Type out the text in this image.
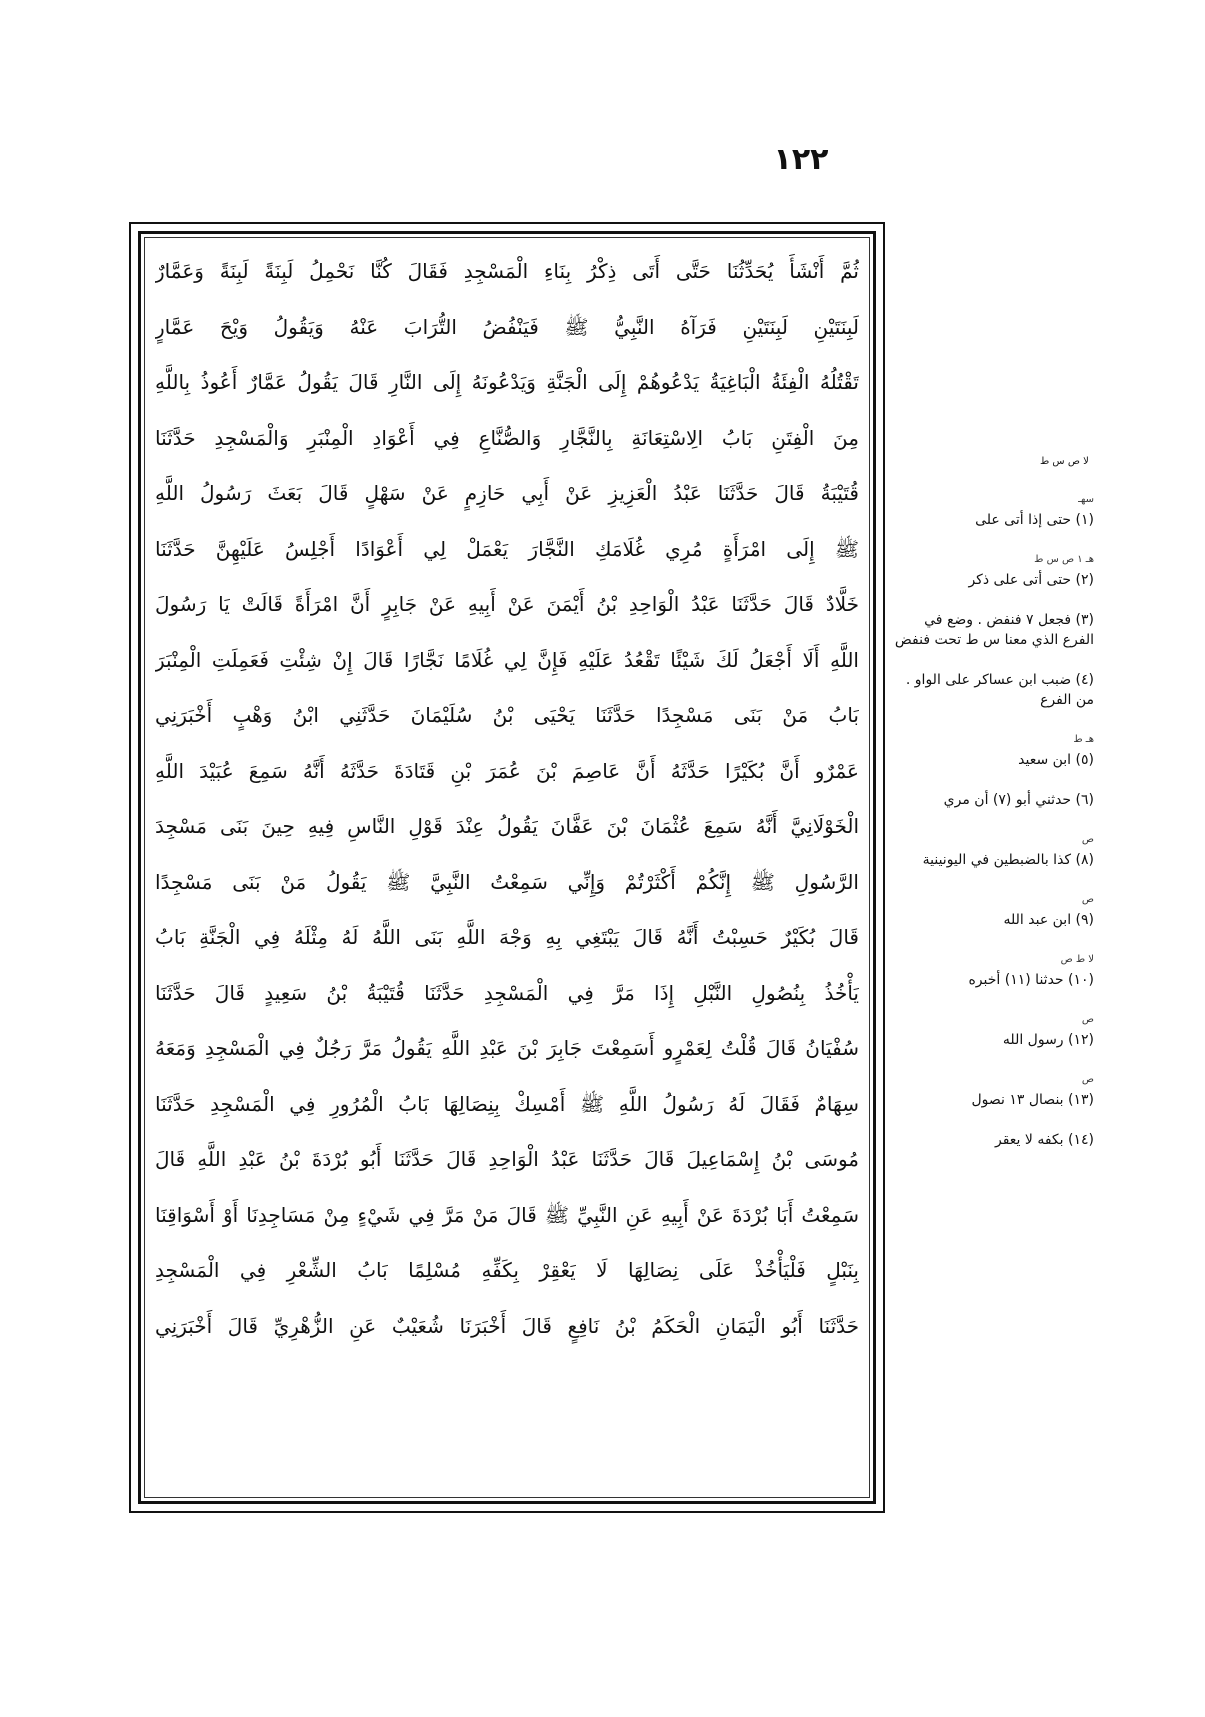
١٢٢
ثُمَّ أَنْشَأَ يُحَدِّثُنَا حَتَّى أَتَى ذِكْرُ بِنَاءِ الْمَسْجِدِ فَقَالَ كُنَّا نَحْمِلُ لَبِنَةً لَبِنَةً وَعَمَّارٌ
لَبِنَتَيْنِ لَبِنَتَيْنِ فَرَآهُ النَّبِيُّ ﷺ فَيَنْفُضُ التُّرَابَ عَنْهُ وَيَقُولُ وَيْحَ عَمَّارٍ
تَقْتُلُهُ الْفِئَةُ الْبَاغِيَةُ يَدْعُوهُمْ إِلَى الْجَنَّةِ وَيَدْعُونَهُ إِلَى النَّارِ قَالَ يَقُولُ عَمَّارٌ أَعُوذُ بِاللَّهِ
مِنَ الْفِتَنِ بَابُ الِاسْتِعَانَةِ بِالنَّجَّارِ وَالصُّنَّاعِ فِي أَعْوَادِ الْمِنْبَرِ وَالْمَسْجِدِ حَدَّثَنَا
قُتَيْبَةُ قَالَ حَدَّثَنَا عَبْدُ الْعَزِيزِ عَنْ أَبِي حَازِمٍ عَنْ سَهْلٍ قَالَ بَعَثَ رَسُولُ اللَّهِ
ﷺ إِلَى امْرَأَةٍ مُرِي غُلَامَكِ النَّجَّارَ يَعْمَلْ لِي أَعْوَادًا أَجْلِسُ عَلَيْهِنَّ حَدَّثَنَا
خَلَّادٌ قَالَ حَدَّثَنَا عَبْدُ الْوَاحِدِ بْنُ أَيْمَنَ عَنْ أَبِيهِ عَنْ جَابِرٍ أَنَّ امْرَأَةً قَالَتْ يَا رَسُولَ
اللَّهِ أَلَا أَجْعَلُ لَكَ شَيْئًا تَقْعُدُ عَلَيْهِ فَإِنَّ لِي غُلَامًا نَجَّارًا قَالَ إِنْ شِئْتِ فَعَمِلَتِ الْمِنْبَرَ
بَابُ مَنْ بَنَى مَسْجِدًا حَدَّثَنَا يَحْيَى بْنُ سُلَيْمَانَ حَدَّثَنِي ابْنُ وَهْبٍ أَخْبَرَنِي
عَمْرٌو أَنَّ بُكَيْرًا حَدَّثَهُ أَنَّ عَاصِمَ بْنَ عُمَرَ بْنِ قَتَادَةَ حَدَّثَهُ أَنَّهُ سَمِعَ عُبَيْدَ اللَّهِ
الْخَوْلَانِيَّ أَنَّهُ سَمِعَ عُثْمَانَ بْنَ عَفَّانَ يَقُولُ عِنْدَ قَوْلِ النَّاسِ فِيهِ حِينَ بَنَى مَسْجِدَ
الرَّسُولِ ﷺ إِنَّكُمْ أَكْثَرْتُمْ وَإِنِّي سَمِعْتُ النَّبِيَّ ﷺ يَقُولُ مَنْ بَنَى مَسْجِدًا
قَالَ بُكَيْرٌ حَسِبْتُ أَنَّهُ قَالَ يَبْتَغِي بِهِ وَجْهَ اللَّهِ بَنَى اللَّهُ لَهُ مِثْلَهُ فِي الْجَنَّةِ بَابُ
يَأْخُذُ بِنُصُولِ النَّبْلِ إِذَا مَرَّ فِي الْمَسْجِدِ حَدَّثَنَا قُتَيْبَةُ بْنُ سَعِيدٍ قَالَ حَدَّثَنَا
سُفْيَانُ قَالَ قُلْتُ لِعَمْرٍو أَسَمِعْتَ جَابِرَ بْنَ عَبْدِ اللَّهِ يَقُولُ مَرَّ رَجُلٌ فِي الْمَسْجِدِ وَمَعَهُ
سِهَامٌ فَقَالَ لَهُ رَسُولُ اللَّهِ ﷺ أَمْسِكْ بِنِصَالِهَا بَابُ الْمُرُورِ فِي الْمَسْجِدِ حَدَّثَنَا
مُوسَى بْنُ إِسْمَاعِيلَ قَالَ حَدَّثَنَا عَبْدُ الْوَاحِدِ قَالَ حَدَّثَنَا أَبُو بُرْدَةَ بْنُ عَبْدِ اللَّهِ قَالَ
سَمِعْتُ أَبَا بُرْدَةَ عَنْ أَبِيهِ عَنِ النَّبِيِّ ﷺ قَالَ مَنْ مَرَّ فِي شَيْءٍ مِنْ مَسَاجِدِنَا أَوْ أَسْوَاقِنَا
بِنَبْلٍ فَلْيَأْخُذْ عَلَى نِصَالِهَا لَا يَعْقِرْ بِكَفِّهِ مُسْلِمًا بَابُ الشِّعْرِ فِي الْمَسْجِدِ
حَدَّثَنَا أَبُو الْيَمَانِ الْحَكَمُ بْنُ نَافِعٍ قَالَ أَخْبَرَنَا شُعَيْبٌ عَنِ الزُّهْرِيِّ قَالَ أَخْبَرَنِي
لا ص س ط
سهـ
(١) حتى إذا أتى على
هـ ١ ص س ط
(٢) حتى أتى على ذكر
(٣) فجعل ٧ فنفض . وضع في الفرع الذي معنا س ط تحت فنفض
(٤) ضبب ابن عساكر على الواو . من الفرع
هـ ط
(٥) ابن سعيد
(٦) حدثني أبو (٧) أن مري
ص
(٨) كذا بالضبطين في اليونينية
ص
(٩) ابن عبد الله
لا ط ص
(١٠) حدثنا (١١) أخبره
ص
(١٢) رسول الله
ص
(١٣) بنصال ١٣ نصول
(١٤) بكفه لا يعقر
